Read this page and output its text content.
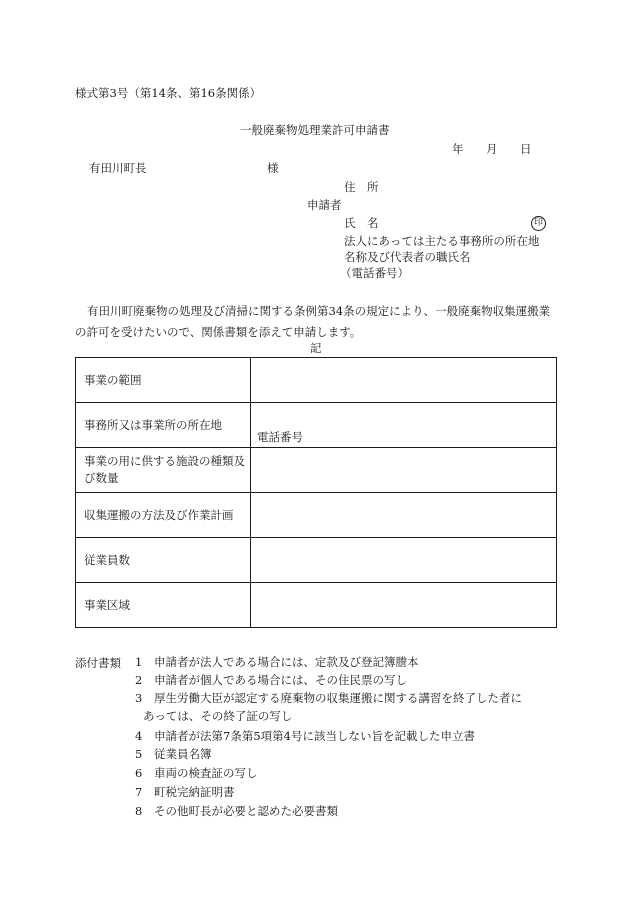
様式第3号（第14条、第16条関係）
一般廃棄物処理業許可申請書
年 月 日
有田川町長	様
住　所
申請者
氏　名	印
法人にあっては主たる事務所の所在地
名称及び代表者の職氏名
（電話番号）
有田川町廃棄物の処理及び清掃に関する条例第34条の規定により、一般廃棄物収集運搬業の許可を受けたいので、関係書類を添えて申請します。
記
事業の範囲	
事務所又は事業所の所在地	電話番号

事業の用に供する施設の種類及び数量	
収集運搬の方法及び作業計画	
従業員数	
事業区域	
添付書類 1 申請者が法人である場合には、定款及び登記簿謄本
2 申請者が個人である場合には、その住民票の写し
3 厚生労働大臣が認定する廃棄物の収集運搬に関する講習を終了した者に
あっては、その終了証の写し
4 申請者が法第7条第5項第4号に該当しない旨を記載した申立書
5 従業員名簿
6 車両の検査証の写し
7 町税完納証明書
8 その他町長が必要と認めた必要書類
